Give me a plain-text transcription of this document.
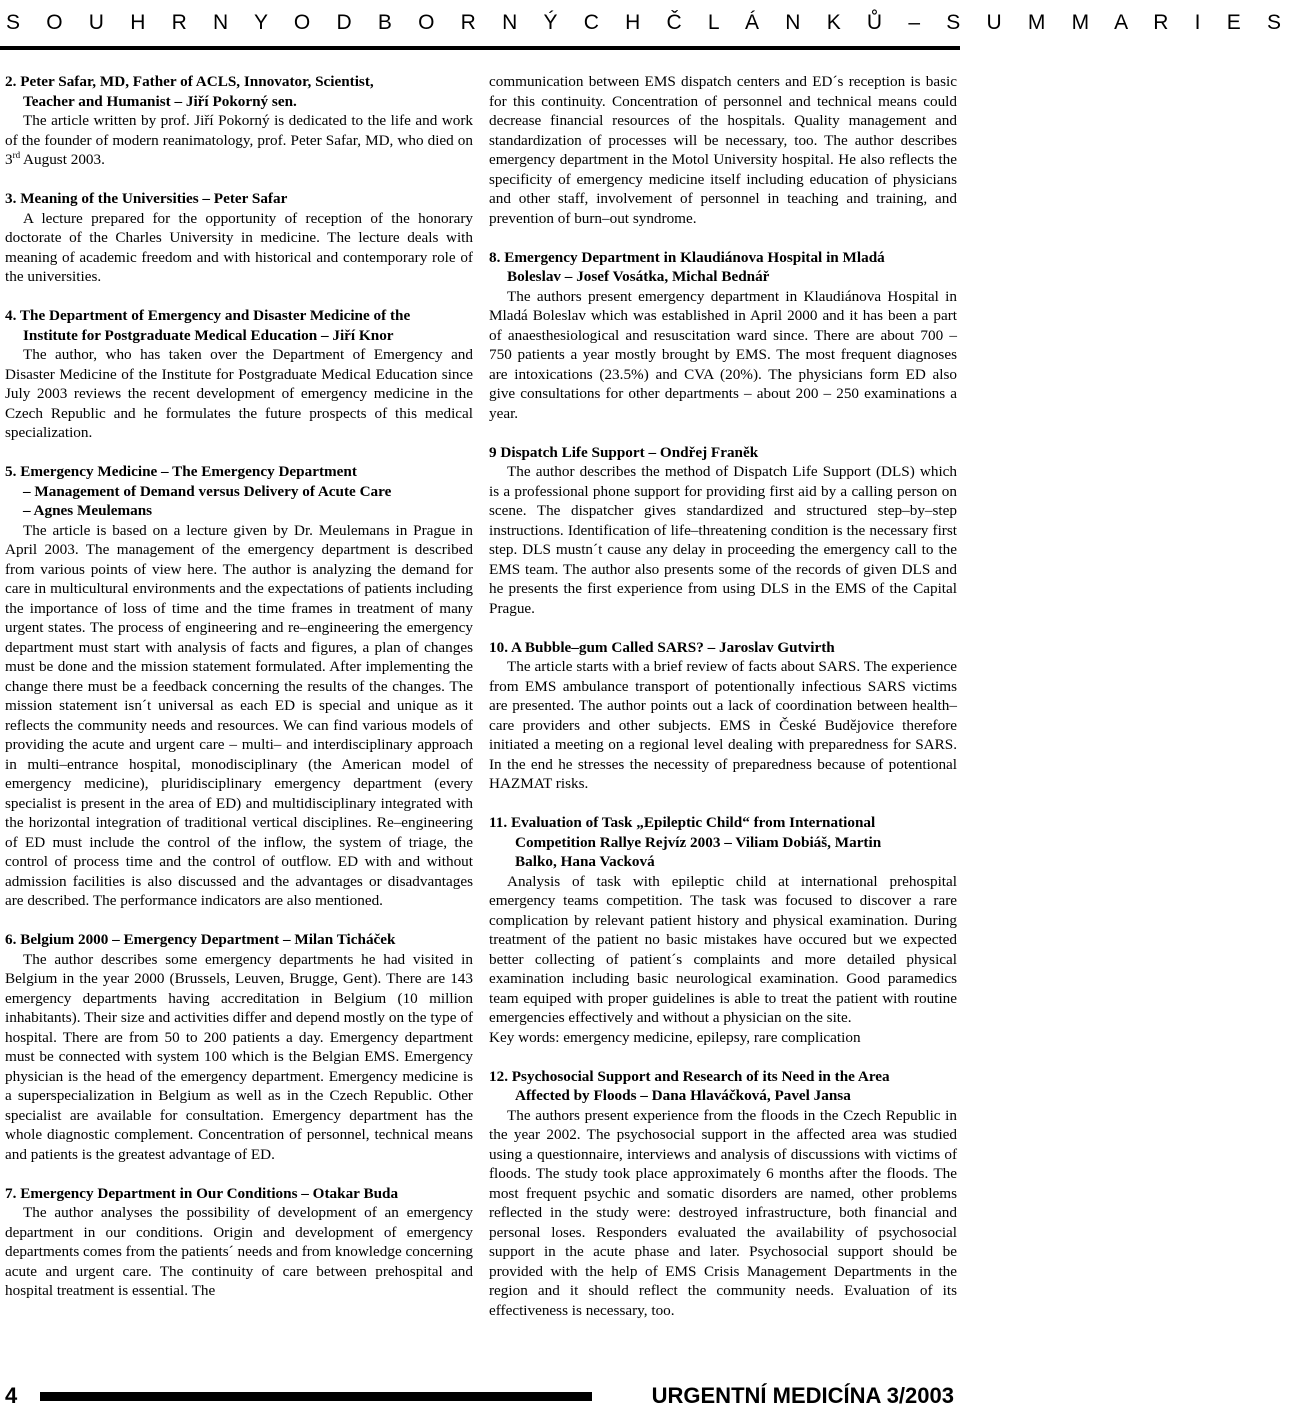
S O U H R N Y O D B O R N Ý C H Č L Á N K Ů – S U M M A R I E S
2. Peter Safar, MD, Father of ACLS, Innovator, Scientist,
Teacher and Humanist – Jiří Pokorný sen.
The article written by prof. Jiří Pokorný is dedicated to the life and work of the founder of modern reanimatology, prof. Peter Safar, MD, who died on 3rd August 2003.
3. Meaning of the Universities – Peter Safar
A lecture prepared for the opportunity of reception of the honorary doctorate of the Charles University in medicine. The lecture deals with meaning of academic freedom and with historical and contemporary role of the universities.
4. The Department of Emergency and Disaster Medicine of the
Institute for Postgraduate Medical Education – Jiří Knor
The author, who has taken over the Department of Emergency and Disaster Medicine of the Institute for Postgraduate Medical Education since July 2003 reviews the recent development of emergency medicine in the Czech Republic and he formulates the future prospects of this medical specialization.
5. Emergency Medicine – The Emergency Department
– Management of Demand versus Delivery of Acute Care
– Agnes Meulemans
The article is based on a lecture given by Dr. Meulemans in Prague in April 2003. The management of the emergency department is described from various points of view here. The author is analyzing the demand for care in multicultural environments and the expectations of patients including the importance of loss of time and the time frames in treatment of many urgent states. The process of engineering and re–engineering the emergency department must start with analysis of facts and figures, a plan of changes must be done and the mission statement formulated. After implementing the change there must be a feedback concerning the results of the changes. The mission statement isn´t universal as each ED is special and unique as it reflects the community needs and resources. We can find various models of providing the acute and urgent care – multi– and interdisciplinary approach in multi–entrance hospital, monodisciplinary (the American model of emergency medicine), pluridisciplinary emergency department (every specialist is present in the area of ED) and multidisciplinary integrated with the horizontal integration of traditional vertical disciplines. Re–engineering of ED must include the control of the inflow, the system of triage, the control of process time and the control of outflow. ED with and without admission facilities is also discussed and the advantages or disadvantages are described. The performance indicators are also mentioned.
6. Belgium 2000 – Emergency Department – Milan Ticháček
The author describes some emergency departments he had visited in Belgium in the year 2000 (Brussels, Leuven, Brugge, Gent). There are 143 emergency departments having accreditation in Belgium (10 million inhabitants). Their size and activities differ and depend mostly on the type of hospital. There are from 50 to 200 patients a day. Emergency department must be connected with system 100 which is the Belgian EMS. Emergency physician is the head of the emergency department. Emergency medicine is a superspecialization in Belgium as well as in the Czech Republic. Other specialist are available for consultation. Emergency department has the whole diagnostic complement. Concentration of personnel, technical means and patients is the greatest advantage of ED.
7. Emergency Department in Our Conditions – Otakar Buda
The author analyses the possibility of development of an emergency department in our conditions. Origin and development of emergency departments comes from the patients´ needs and from knowledge concerning acute and urgent care. The continuity of care between prehospital and hospital treatment is essential. The

communication between EMS dispatch centers and ED´s reception is basic for this continuity. Concentration of personnel and technical means could decrease financial resources of the hospitals. Quality management and standardization of processes will be necessary, too. The author describes emergency department in the Motol University hospital. He also reflects the specificity of emergency medicine itself including education of physicians and other staff, involvement of personnel in teaching and training, and prevention of burn–out syndrome.

8. Emergency Department in Klaudiánova Hospital in Mladá
Boleslav – Josef Vosátka, Michal Bednář
The authors present emergency department in Klaudiánova Hospital in Mladá Boleslav which was established in April 2000 and it has been a part of anaesthesiological and resuscitation ward since. There are about 700 – 750 patients a year mostly brought by EMS. The most frequent diagnoses are intoxications (23.5%) and CVA (20%). The physicians form ED also give consultations for other departments – about 200 – 250 examinations a year.
9 Dispatch Life Support – Ondřej Franěk
The author describes the method of Dispatch Life Support (DLS) which is a professional phone support for providing first aid by a calling person on scene. The dispatcher gives standardized and structured step–by–step instructions. Identification of life–threatening condition is the necessary first step. DLS mustn´t cause any delay in proceeding the emergency call to the EMS team. The author also presents some of the records of given DLS and he presents the first experience from using DLS in the EMS of the Capital Prague.
10. A Bubble–gum Called SARS? – Jaroslav Gutvirth
The article starts with a brief review of facts about SARS. The experience from EMS ambulance transport of potentionally infectious SARS victims are presented. The author points out a lack of coordination between health–care providers and other subjects. EMS in České Budějovice therefore initiated a meeting on a regional level dealing with preparedness for SARS. In the end he stresses the necessity of preparedness because of potentional HAZMAT risks.
11. Evaluation of Task „Epileptic Child“ from International
Competition Rallye Rejvíz 2003 – Viliam Dobiáš, Martin
Balko, Hana Vacková

Analysis of task with epileptic child at international prehospital emergency teams competition. The task was focused to discover a rare complication by relevant patient history and physical examination. During treatment of the patient no basic mistakes have occured but we expected better collecting of patient´s complaints and more detailed physical examination including basic neurological examination. Good paramedics team equiped with proper guidelines is able to treat the patient with routine emergencies effectively and without a physician on the site.

Key words: emergency medicine, epilepsy, rare complication

12. Psychosocial Support and Research of its Need in the Area
Affected by Floods – Dana Hlaváčková, Pavel Jansa
The authors present experience from the floods in the Czech Republic in the year 2002. The psychosocial support in the affected area was studied using a questionnaire, interviews and analysis of discussions with victims of floods. The study took place approximately 6 months after the floods. The most frequent psychic and somatic disorders are named, other problems reflected in the study were: destroyed infrastructure, both financial and personal loses. Responders evaluated the availability of psychosocial support in the acute phase and later. Psychosocial support should be provided with the help of EMS Crisis Management Departments in the region and it should reflect the community needs. Evaluation of its effectiveness is necessary, too.
4	URGENTNÍ MEDICÍNA 3/2003
